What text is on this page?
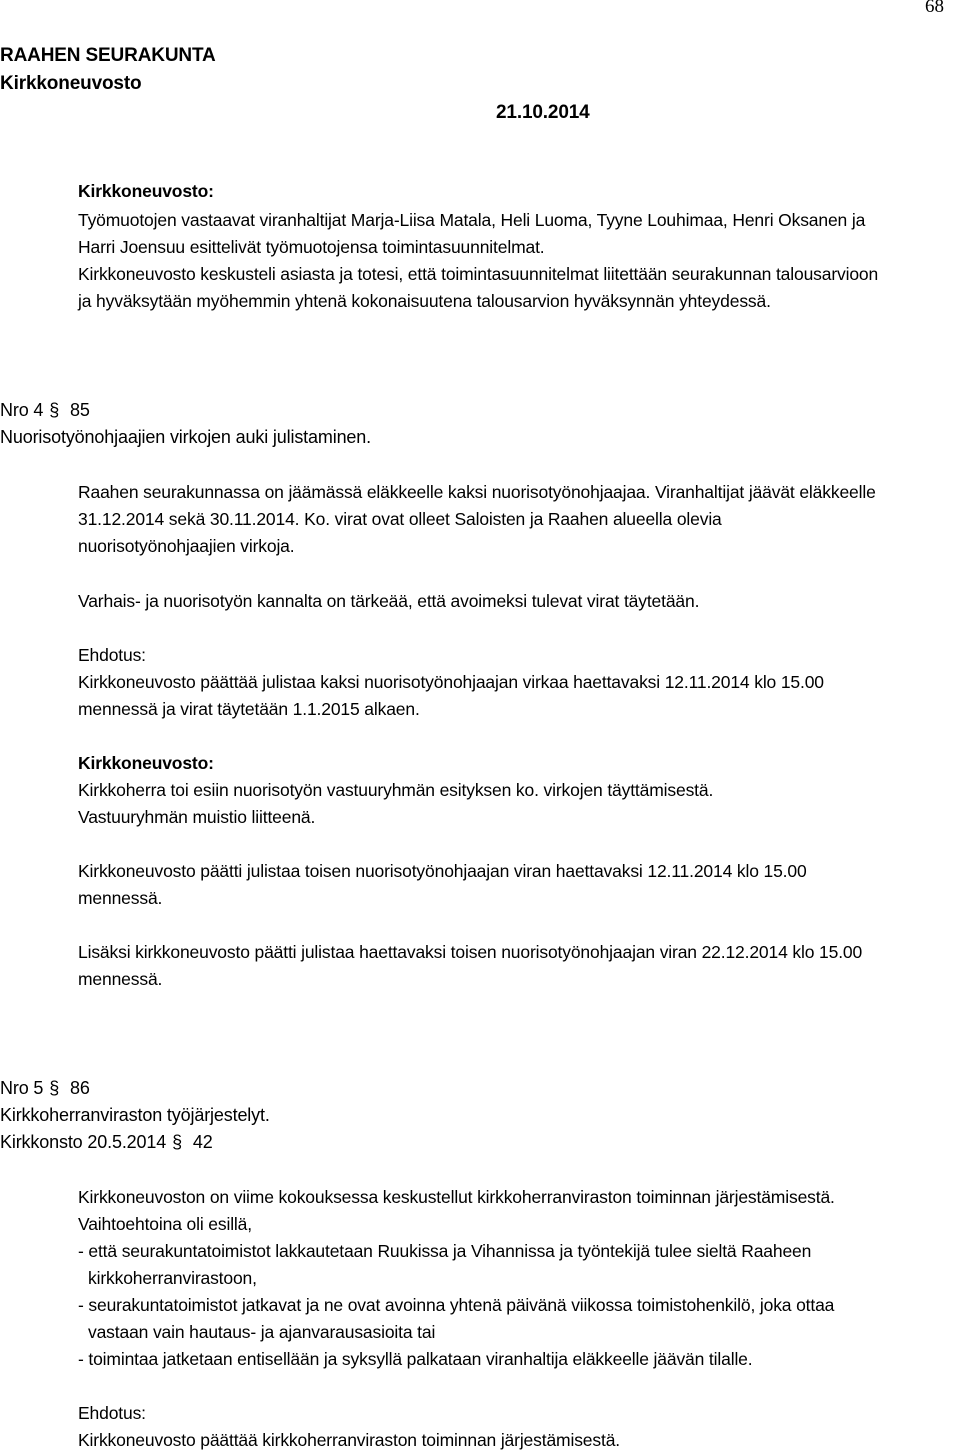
68
RAAHEN SEURAKUNTA
Kirkkoneuvosto
21.10.2014
Kirkkoneuvosto:
Työmuotojen vastaavat viranhaltijat Marja-Liisa Matala, Heli Luoma, Tyyne Louhimaa, Henri Oksanen ja
Harri Joensuu esittelivät työmuotojensa toimintasuunnitelmat.
Kirkkoneuvosto keskusteli asiasta ja totesi, että toimintasuunnitelmat liitettään seurakunnan talousarvioon
ja hyväksytään myöhemmin yhtenä kokonaisuutena talousarvion hyväksynnän yhteydessä.
Nro 4 § 85
Nuorisotyönohjaajien virkojen auki julistaminen.
Raahen seurakunnassa on jäämässä eläkkeelle kaksi nuorisotyönohjaajaa. Viranhaltijat jäävät eläkkeelle
31.12.2014 sekä 30.11.2014. Ko. virat ovat olleet Saloisten ja Raahen alueella olevia
nuorisotyönohjaajien virkoja.
Varhais- ja nuorisotyön kannalta on tärkeää, että avoimeksi tulevat virat täytetään.
Ehdotus:
Kirkkoneuvosto päättää julistaa kaksi nuorisotyönohjaajan virkaa haettavaksi 12.11.2014 klo 15.00
mennessä ja virat täytetään 1.1.2015 alkaen.
Kirkkoneuvosto:
Kirkkoherra toi esiin nuorisotyön vastuuryhmän esityksen ko. virkojen täyttämisestä.
Vastuuryhmän muistio liitteenä.
Kirkkoneuvosto päätti julistaa toisen nuorisotyönohjaajan viran haettavaksi 12.11.2014 klo 15.00
mennessä.
Lisäksi kirkkoneuvosto päätti julistaa haettavaksi toisen nuorisotyönohjaajan viran 22.12.2014 klo 15.00
mennessä.
Nro 5 § 86
Kirkkoherranviraston työjärjestelyt.
Kirkkonsto 20.5.2014 § 42
Kirkkoneuvoston on viime kokouksessa keskustellut kirkkoherranviraston toiminnan järjestämisestä.
Vaihtoehtoina oli esillä,
- että seurakuntatoimistot lakkautetaan Ruukissa ja Vihannissa ja työntekijä tulee sieltä Raaheen
kirkkoherranvirastoon,
- seurakuntatoimistot jatkavat ja ne ovat avoinna yhtenä päivänä viikossa toimistohenkilö, joka ottaa
vastaan vain hautaus- ja ajanvarausasioita tai
- toimintaa jatketaan entisellään ja syksyllä palkataan viranhaltija eläkkeelle jäävän tilalle.
Ehdotus:
Kirkkoneuvosto päättää kirkkoherranviraston toiminnan järjestämisestä.
